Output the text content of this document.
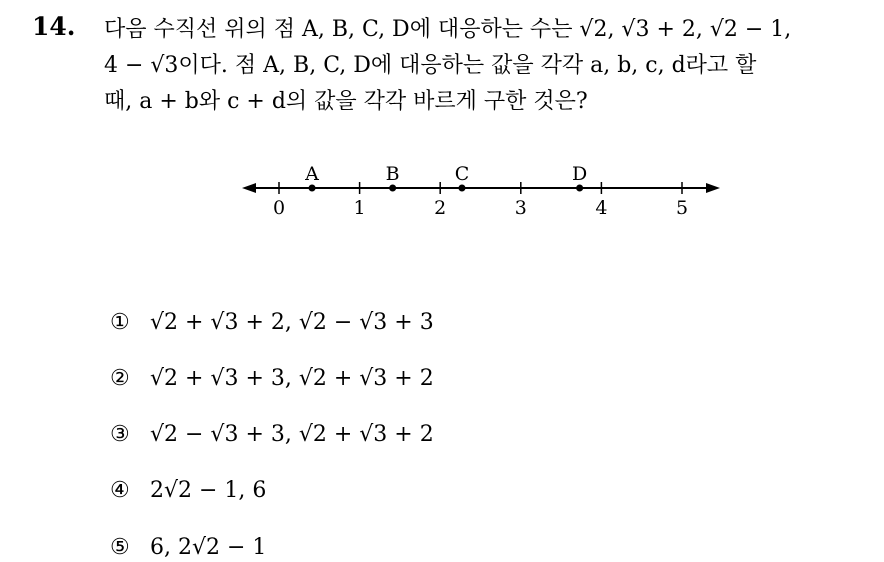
14. 다음 수직선 위의 점 A, B, C, D에 대응하는 수는 √2, √3 + 2, √2 − 1,
4 − √3이다. 점 A, B, C, D에 대응하는 값을 각각 a, b, c, d라고 할
때, a + b와 c + d의 값을 각각 바르게 구한 것은?
0	1	2	3	4	5
A	B	C	D
① √2 + √3 + 2, √2 − √3 + 3
② √2 + √3 + 3, √2 + √3 + 2
③ √2 − √3 + 3, √2 + √3 + 2
④ 2√2 − 1, 6
⑤ 6, 2√2 − 1
